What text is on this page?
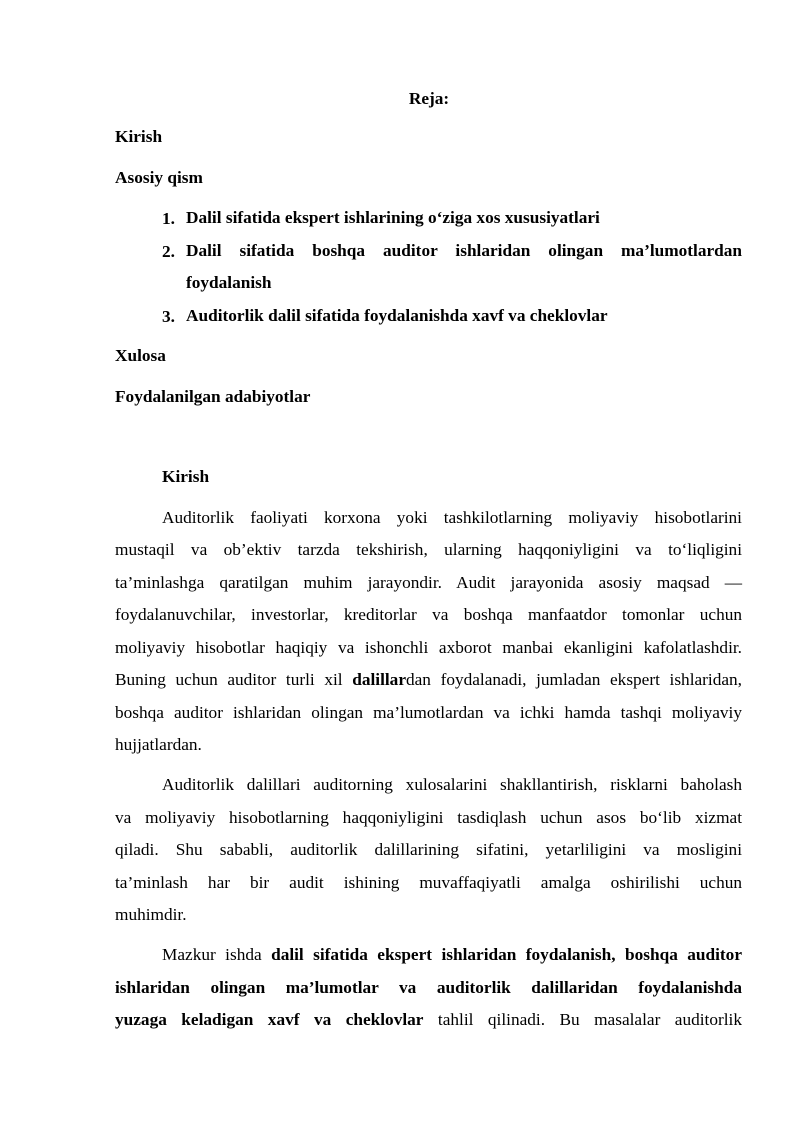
Reja:
Kirish
Asosiy qism
1. Dalil sifatida ekspert ishlarining o‘ziga xos xususiyatlari
2. Dalil sifatida boshqa auditor ishlaridan olingan ma’lumotlardan
foydalanish
3. Auditorlik dalil sifatida foydalanishda xavf va cheklovlar
Xulosa
Foydalanilgan adabiyotlar
Kirish
Auditorlik faoliyati korxona yoki tashkilotlarning moliyaviy hisobotlarini
mustaqil va ob’ektiv tarzda tekshirish, ularning haqqoniyligini va to‘liqligini
ta’minlashga qaratilgan muhim jarayondir. Audit jarayonida asosiy maqsad —
foydalanuvchilar, investorlar, kreditorlar va boshqa manfaatdor tomonlar uchun
moliyaviy hisobotlar haqiqiy va ishonchli axborot manbai ekanligini kafolatlashdir.
Buning uchun auditor turli xil dalillardan foydalanadi, jumladan ekspert ishlaridan,
boshqa auditor ishlaridan olingan ma’lumotlardan va ichki hamda tashqi moliyaviy
hujjatlardan.
Auditorlik dalillari auditorning xulosalarini shakllantirish, risklarni baholash
va moliyaviy hisobotlarning haqqoniyligini tasdiqlash uchun asos bo‘lib xizmat
qiladi. Shu sababli, auditorlik dalillarining sifatini, yetarliligini va mosligini
ta’minlash har bir audit ishining muvaffaqiyatli amalga oshirilishi uchun
muhimdir.
Mazkur ishda dalil sifatida ekspert ishlaridan foydalanish, boshqa auditor
ishlaridan olingan ma’lumotlar va auditorlik dalillaridan foydalanishda
yuzaga keladigan xavf va cheklovlar tahlil qilinadi. Bu masalalar auditorlik
